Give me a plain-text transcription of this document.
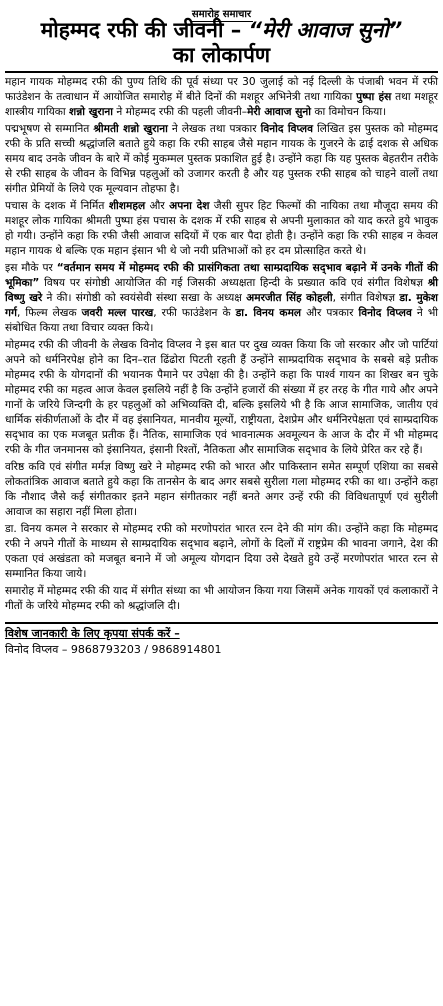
समारोह समाचार
मोहम्मद रफी की जीवनी – “मेरी आवाज सुनो”
का लोकार्पण

महान गायक मोहम्मद रफी की पुण्य तिथि की पूर्व संध्या पर 30 जुलाई को नई दिल्ली के पंजाबी भवन में रफी फाउंडेशन के तत्वाधान में आयोजित समारोह में बीते दिनों की मशहूर अभिनेत्री तथा गायिका पुष्पा हंस तथा मशहूर शास्त्रीय गायिका शन्नो खुराना ने मोहम्मद रफी की पहली जीवनी–मेरी आवाज सुनो का विमोचन किया।

पद्मभूषण से सम्मानित श्रीमती शन्नो खुराना ने लेखक तथा पत्रकार विनोद विप्लव लिखित इस पुस्तक को मोहम्मद रफी के प्रति सच्ची श्रद्धांजलि बताते हुये कहा कि रफी साहब जैसे महान गायक के गुजरने के ढाई दशक से अधिक समय बाद उनके जीवन के बारे में कोई मुकम्मल पुस्तक प्रकाशित हुई है। उन्होंने कहा कि यह पुस्तक बेहतरीन तरीके से रफी साहब के जीवन के विभिन्न पहलुओं को उजागर करती है और यह पुस्तक रफी साहब को चाहने वालों तथा संगीत प्रेमियों के लिये एक मूल्यवान तोहफा है।

पचास के दशक में निर्मित शीशमहल और अपना देश जैसी सुपर हिट फिल्मों की नायिका तथा मौजूदा समय की मशहूर लोक गायिका श्रीमती पुष्पा हंस पचास के दशक में रफी साहब से अपनी मुलाकात को याद करते हुये भावुक हो गयी। उन्होंने कहा कि रफी जैसी आवाज सदियों में एक बार पैदा होती है। उन्होंने कहा कि रफी साहब न केवल महान गायक थे बल्कि एक महान इंसान भी थे जो नयी प्रतिभाओं को हर दम प्रोत्साहित करते थे।

इस मौके पर “वर्तमान समय में मोहम्मद रफी की प्रासंगिकता तथा साम्प्रदायिक सद्‌भाव बढ़ाने में उनके गीतों की भूमिका” विषय पर संगोष्ठी आयोजित की गई जिसकी अध्यक्षता हिन्दी के प्रख्यात कवि एवं संगीत विशेषज्ञ श्री विष्णु खरे ने की। संगोष्ठी को स्वयंसेवी संस्था सखा के अध्यक्ष अमरजीत सिंह कोहली, संगीत विशेषज्ञ डा. मुकेश गर्ग, फिल्म लेखक जवरी मल्ल पारख, रफी फाउंडेशन के डा. विनय कमल और पत्रकार विनोद विप्लव ने भी संबोधित किया तथा विचार व्यक्त किये।

मोहम्मद रफी की जीवनी के लेखक विनोद विप्लव ने इस बात पर दुख व्यक्त किया कि जो सरकार और जो पार्टियां अपने को धर्मनिरपेक्ष होने का दिन–रात ढिंढोरा पिटती रहती हैं उन्होंने साम्प्रदायिक सद्‌भाव के सबसे बड़े प्रतीक मोहम्मद रफी के योगदानों की भयानक पैमाने पर उपेक्षा की है। उन्होंने कहा कि पार्श्व गायन का शिखर बन चुके मोहम्मद रफी का महत्व आज केवल इसलिये नहीं है कि उन्होंने हजारों की संख्या में हर तरह के गीत गाये और अपने गानों के जरिये जिन्दगी के हर पहलुओं को अभिव्यक्ति दी, बल्कि इसलिये भी है कि आज सामाजिक, जातीय एवं धार्मिक संकीर्णताओं के दौर में वह इंसानियत, मानवीय मूल्यों, राष्ट्रीयता, देशप्रेम और धर्मनिरपेक्षता एवं साम्प्रदायिक सद्‌भाव का एक मजबूत प्रतीक हैं। नैतिक, सामाजिक एवं भावनात्मक अवमूल्यन के आज के दौर में भी मोहम्मद रफी के गीत जनमानस को इंसानियत, इंसानी रिश्तों, नैतिकता और सामाजिक सद्‌भाव के लिये प्रेरित कर रहे हैं।

वरिष्ठ कवि एवं संगीत मर्मज्ञ विष्णु खरे ने मोहम्मद रफी को भारत और पाकिस्तान समेत सम्पूर्ण एशिया का सबसे लोकतांत्रिक आवाज बताते हुये कहा कि तानसेन के बाद अगर सबसे सुरीला गला मोहम्मद रफी का था। उन्होंने कहा कि नौशाद जैसे कई संगीतकार इतने महान संगीतकार नहीं बनते अगर उन्हें रफी की विविधतापूर्ण एवं सुरीली आवाज का सहारा नहीं मिला होता।

डा. विनय कमल ने सरकार से मोहम्मद रफी को मरणोपरांत भारत रत्न देने की मांग की। उन्होंने कहा कि मोहम्मद रफी ने अपने गीतों के माध्यम से साम्प्रदायिक सद्‌भाव बढ़ाने, लोगों के दिलों में राष्ट्रप्रेम की भावना जगाने, देश की एकता एवं अखंडता को मजबूत बनाने में जो अमूल्य योगदान दिया उसे देखते हुये उन्हें मरणोपरांत भारत रत्न से सम्मानित किया जाये।

समारोह में मोहम्मद रफी की याद में संगीत संध्या का भी आयोजन किया गया जिसमें अनेक गायकों एवं कलाकारों ने गीतों के जरिये मोहम्मद रफी को श्रद्धांजलि दी।

विशेष जानकारी के लिए कृपया संपर्क करें –
विनोद विप्लव – 9868793203 / 9868914801
